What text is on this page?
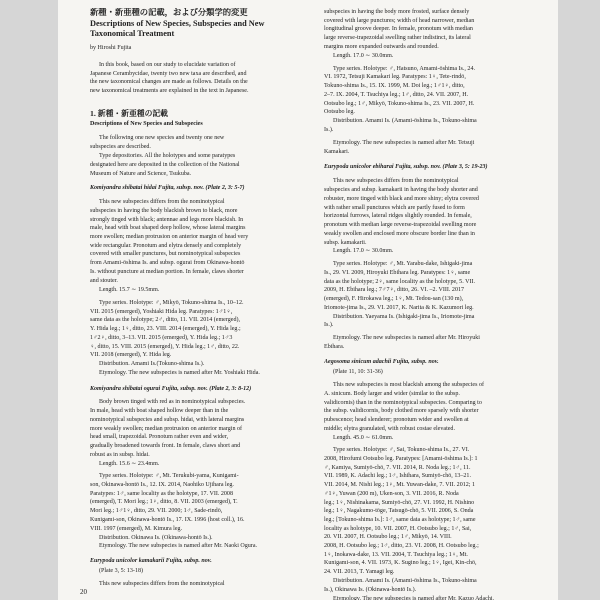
新種・新亜種の記載，および分類学的変更
Descriptions of New Species, Subspecies and New
Taxonomical Treatment
by Hiroshi Fujita
In this book, based on our study to elucidate variation of
Japanese Cerambycidae, twenty two new taxa are described, and
the new taxonomical changes are made as follows. Details on the
new taxonomical treatments are explained in the text in Japanese.
1. 新種・新亜種の記載
Descriptions of New Species and Subspecies
The following one new species and twenty one new
subspecies are described.
Type depositories. All the holotypes and some paratypes
designated here are deposited in the collection of the National
Museum of Nature and Science, Tsukuba.
Komiyandra shibatai hidai Fujita, subsp. nov. (Plate 2, 3: 5-7)
This new subspecies differs from the nominotypical
subspecies in having the body blackish brown to black, more
strongly tinged with black; antennae and legs more blackish. In
male, head with boat shaped deep hollow, whose lateral margins
more swollen; median protrusion on anterior margin of head very
wide rectangular. Pronotum and elytra densely and completely
covered with smaller punctures, but nominotypical subspecies
from Amami-ōshima Is. and subsp. ogurai from Okinawa-hontō
Is. without puncture at median portion. In female, claws shorter
and stouter.
Length. 15.7 ∼ 19.5mm.
Type series. Holotype: ♂, Mikyō, Tokuno-shima Is., 10–12.
VII. 2015 (emerged), Yoshiaki Hida leg. Paratypes: 1♂1♀,
same data as the holotype; 2♂, ditto, 11. VII. 2014 (emerged),
Y. Hida leg.; 1♀, ditto, 23. VIII. 2014 (emerged), Y. Hida leg.;
1♂2♀, ditto, 3–13. VII. 2015 (emerged), Y. Hida leg.; 1♂3
♀, ditto, 15. VIII. 2015 (emerged), Y. Hida leg.; 1♂, ditto, 22.
VII. 2018 (emerged), Y. Hida leg.
Distribution. Amami Is.(Tokuno-shima Is.).
Etymology. The new subspecies is named after Mr. Yoshiaki Hida.
Komiyandra shibatai ogurai Fujita, subsp. nov. (Plate 2, 3: 8-12)
Body brown tinged with red as in nominotypical subspecies.
In male, head with boat shaped hollow deeper than in the
nominotypical subspecies and subsp. hidai, with lateral margins
more weakly swollen; median protrusion on anterior margin of
head small, trapezoidal. Pronotum rather even and wider,
gradually broadened towards front. In female, claws short and
robust as in subsp. hidai.
Length. 15.6 ∼ 23.4mm.
Type series. Holotype: ♂, Mt. Terukubi-yama, Kunigami-
son, Okinawa-hontō Is., 12. IX. 2014, Naohiko Ujihara leg.
Paratypes: 1♂, same locality as the holotype, 17. VII. 2008
(emerged), T. Mori leg.; 1♀, ditto, 8. VII. 2003 (emerged), T.
Mori leg.; 1♂1♀, ditto, 29. VII. 2000; 1♂, Sade-rindō,
Kunigami-son, Okinawa-hontō Is., 17. IX. 1996 (host coll.), 16.
VIII. 1997 (emerged), M. Kimura leg.
Distribution. Okinawa Is. (Okinawa-hontō Is.).
Etymology. The new subspecies is named after Mr. Naoki Ogura.
Eurypoda unicolor kamakarii Fujita, subsp. nov.
(Plate 3, 5: 13-18)
This new subspecies differs from the nominotypical
subspecies in having the body more frosted, surface densely
covered with large punctures; width of head narrower, median
longitudinal groove deeper. In female, pronotum with median
large reverse-trapezoidal swelling rather indistinct, its lateral
margins more expanded outwards and rounded.
Length. 17.0 ∼ 30.0mm.
Type series. Holotype: ♂, Hatsuno, Amami-ōshima Is., 24.
VI. 1972, Tetsuji Kamakari leg. Paratypes: 1♀, Tete-rindō,
Tokuno-shima Is., 15. IX. 1999, M. Doi leg.; 1♂1♀, ditto,
2–7. IX. 2004, T. Tsuchiya leg.; 1♂, ditto, 24. VII. 2007, H.
Ootsubo leg.; 1♂, Mikyō, Tokuno-shima Is., 23. VII. 2007, H.
Ootsubo leg.
Distribution. Amami Is. (Amami-ōshima Is., Tokuno-shima
Is.).
Etymology. The new subspecies is named after Mr. Tetsuji
Kamakari.
Eurypoda unicolor ebiharai Fujita, subsp. nov. (Plate 3, 5: 19-23)
This new subspecies differs from the nominotypical
subspecies and subsp. kamakarii in having the body shorter and
robuster, more tinged with black and more shiny; elytra covered
with rather small punctures which are partly fused to form
horizontal furrows, lateral ridges slightly rounded. In female,
pronotum with median large reverse-trapezoidal swelling more
weakly swollen and enclosed more obscure border line than in
subsp. kamakarii.
Length. 17.0 ∼ 30.0mm.
Type series. Holotype: ♂, Mt. Yarabu-dake, Ishigaki-jima
Is., 29. VI. 2009, Hiroyuki Ebihara leg. Paratypes: 1♀, same
data as the holotype; 2♀, same locality as the holotype, 5. VII.
2009, H. Ebihara leg.; 7♂7♀, ditto, 26. VI. –2. VIII. 2017
(emerged), F. Hirokawa leg.; 1♀, Mt. Tedou-san (130 m),
Iriomote-jima Is., 29. VI. 2017, K. Narita & K. Kazumori leg.
Distribution. Yaeyama Is. (Ishigaki-jima Is., Iriomote-jima
Is.).
Etymology. The new subspecies is named after Mr. Hiroyuki
Ebihara.
Aegosoma sinicum adachii Fujita, subsp. nov.
(Plate 11, 10: 31-36)
This new subspecies is most blackish among the subspecies of
A. sinicum. Body larger and wider (similar to the subsp.
validicornis) than in the nominotypical subspecies. Comparing to
the subsp. validicornis, body clothed more sparsely with shorter
pubescence; head slenderer; pronotum wider and swollen at
middle; elytra granulated, with robust costae elevated.
Length. 45.0 ∼ 61.0mm.
Type series. Holotype: ♂, Sai, Tokuno-shima Is., 27. VI.
2008, Hirofumi Ootsubo leg. Paratypes: [Amami-ōshima Is.]: 1
♂, Kamiya, Sumiyō-chō, 7. VII. 2014, R. Noda leg.; 1♂, 11.
VII. 1989, K. Adachi leg.; 1♂, Ishihara, Sumiyō-chō, 13–21.
VII. 2014, M. Nishi leg.; 1♀, Mt. Yuwan-dake, 7. VII. 2012; 1
♂1♀, Yuwan (200 m), Uken-son, 3. VII. 2016, R. Noda
leg.; 1♀, Nishinakama, Sumiyō-chō, 27. VI. 1992, H. Nishino
leg.; 1♀, Nagakumo-tōge, Tatsugō-chō, 5. VII. 2006, S. Onda
leg.; [Tokuno-shima Is.]: 1♂, same data as holotype; 1♂, same
locality as holotype, 10. VII. 2007, H. Ootsubo leg.; 1♂, Sai,
20. VII. 2007, H. Ootsubo leg.; 1♂, Mikyō, 14. VIII.
2008, H. Ootsubo leg.; 1♂, ditto, 23. VI. 2008, H. Ootsubo leg.;
1♀, Inokawa-dake, 13. VII. 2004, T. Tsuchiya leg.; 1♀, Mt.
Kunigami-son, 4. VII. 1973, K. Sugino leg.; 1♀, Igei, Kin-chō,
24. VII. 2013, T. Yamagi leg.
Distribution. Amami Is. (Amami-ōshima Is., Tokuno-shima
Is.), Okinawa Is. (Okinawa-hontō Is.).
Etymology. The new subspecies is named after Mr. Kazuo Adachi.
20
